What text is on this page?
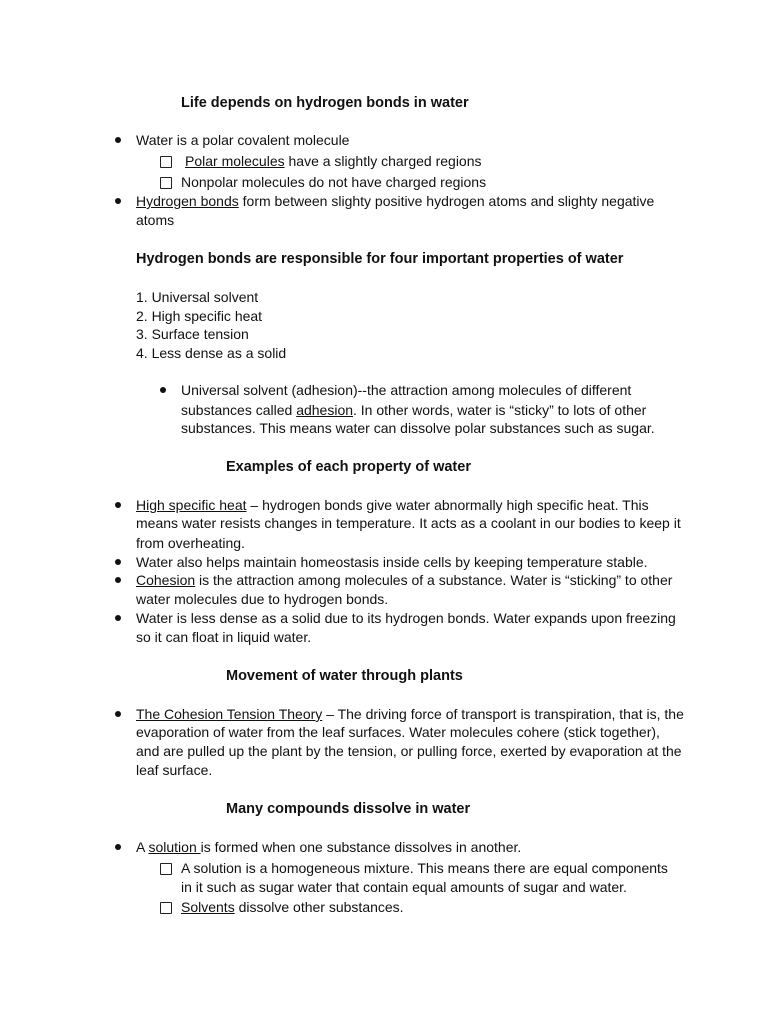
Life depends on hydrogen bonds in water
Water is a polar covalent molecule
Polar molecules have a slightly charged regions
Nonpolar molecules do not have charged regions
Hydrogen bonds form between slighty positive hydrogen atoms and slighty negative
atoms
Hydrogen bonds are responsible for four important properties of water
1. Universal solvent
2. High specific heat
3. Surface tension
4. Less dense as a solid
Universal solvent (adhesion)--the attraction among molecules of different
substances called adhesion. In other words, water is “sticky” to lots of other
substances. This means water can dissolve polar substances such as sugar.
Examples of each property of water
High specific heat – hydrogen bonds give water abnormally high specific heat. This
means water resists changes in temperature. It acts as a coolant in our bodies to keep it
from overheating.
Water also helps maintain homeostasis inside cells by keeping temperature stable.
Cohesion is the attraction among molecules of a substance. Water is “sticking” to other
water molecules due to hydrogen bonds.
Water is less dense as a solid due to its hydrogen bonds. Water expands upon freezing
so it can float in liquid water.
Movement of water through plants
The Cohesion Tension Theory – The driving force of transport is transpiration, that is, the
evaporation of water from the leaf surfaces. Water molecules cohere (stick together),
and are pulled up the plant by the tension, or pulling force, exerted by evaporation at the
leaf surface.
Many compounds dissolve in water
A solution is formed when one substance dissolves in another.
A solution is a homogeneous mixture. This means there are equal components
in it such as sugar water that contain equal amounts of sugar and water.
Solvents dissolve other substances.
